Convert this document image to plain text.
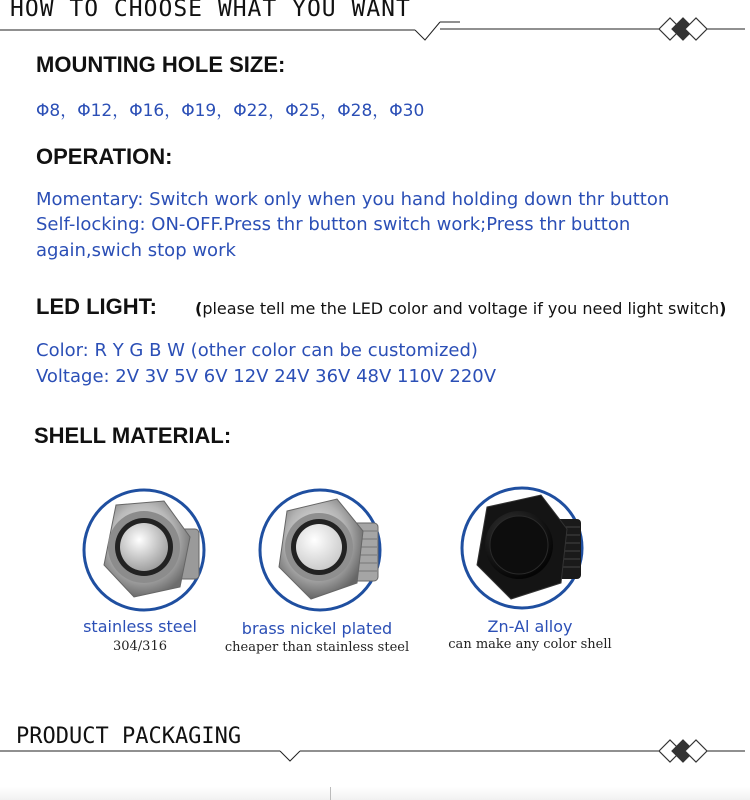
HOW TO CHOOSE WHAT YOU WANT
MOUNTING HOLE SIZE:
Φ8，Φ12，Φ16，Φ19，Φ22，Φ25，Φ28，Φ30
OPERATION:
Momentary: Switch work only when you hand holding down thr button
Self-locking: ON-OFF.Press thr button switch work;Press thr button
again,swich stop work
LED LIGHT: (please tell me the LED color and voltage if you need light switch)
Color: R Y G B W (other color can be customized)
Voltage: 2V 3V 5V 6V 12V 24V 36V 48V 110V 220V
SHELL MATERIAL:
stainless steel
304/316
brass nickel plated
cheaper than stainless steel
Zn-Al alloy
can make any color shell
PRODUCT PACKAGING
